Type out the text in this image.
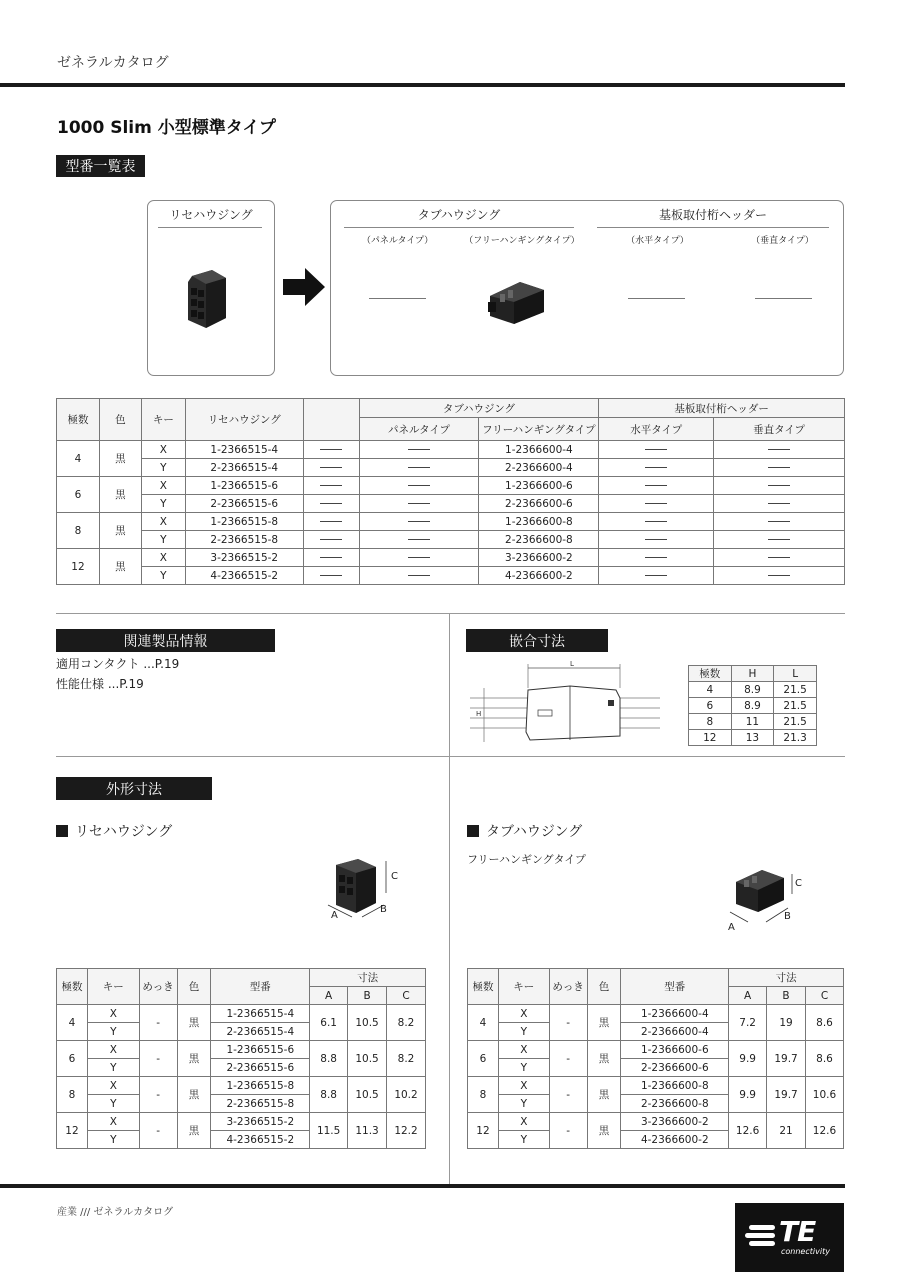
ゼネラルカタログ
1000 Slim 小型標準タイプ
型番一覧表
リセハウジング	タブハウジング	基板取付桁ヘッダー
（パネルタイプ）	（フリーハンギングタイプ）	（水平タイプ）	（垂直タイプ）
極数	色	キー	リセハウジング		タブハウジング		基板取付桁ヘッダー	
					パネルタイプ	フリーハンギングタイプ	水平タイプ	垂直タイプ
4	黒	X	1-2366515-4			1-2366600-4		
		Y	2-2366515-4			2-2366600-4		
6	黒	X	1-2366515-6			1-2366600-6		
		Y	2-2366515-6			2-2366600-6		
8	黒	X	1-2366515-8			1-2366600-8		
		Y	2-2366515-8			2-2366600-8		
12	黒	X	3-2366515-2			3-2366600-2		
		Y	4-2366515-2			4-2366600-2		
関連製品情報
適用コンタクト ...P.19
性能仕様 ...P.19
嵌合寸法
L
H
極数	H	L
4	8.9	21.5
6	8.9	21.5
8	11	21.5
12	13	21.3
外形寸法
リセハウジング	タブハウジング
フリーハンギングタイプ
A
B
C
A
B
C
極数	キー	めっき	色	型番	寸法		
					A	B	C
4	X	-	黒	1-2366515-4	6.1	10.5	8.2
	Y			2-2366515-4			
6	X	-	黒	1-2366515-6	8.8	10.5	8.2
	Y			2-2366515-6			
8	X	-	黒	1-2366515-8	8.8	10.5	10.2
	Y			2-2366515-8			
12	X	-	黒	3-2366515-2	11.5	11.3	12.2
	Y			4-2366515-2			
極数	キー	めっき	色	型番	寸法		
					A	B	C
4	X	-	黒	1-2366600-4	7.2	19	8.6
	Y			2-2366600-4			
6	X	-	黒	1-2366600-6	9.9	19.7	8.6
	Y			2-2366600-6			
8	X	-	黒	1-2366600-8	9.9	19.7	10.6
	Y			2-2366600-8			
12	X	-	黒	3-2366600-2	12.6	21	12.6
	Y			4-2366600-2			
産業 /// ゼネラルカタログ
TE
connectivity
